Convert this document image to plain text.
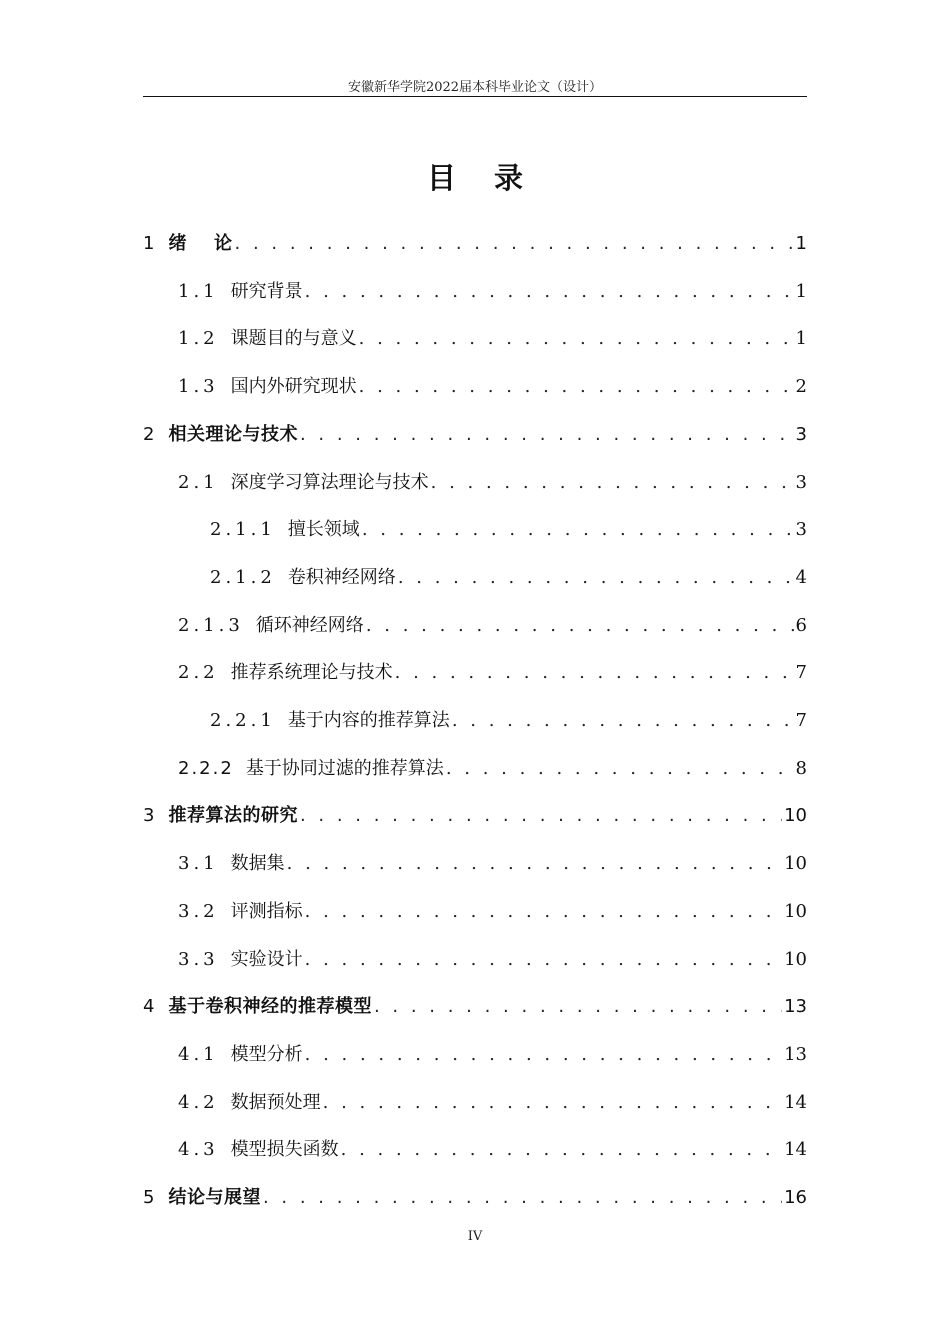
安徽新华学院2022届本科毕业论文（设计）
目录
1 绪    论 . . .	1
1.1 研究背景 . . .	1
1.2 课题目的与意义 . . .	1
1.3 国内外研究现状 . . .	2
2 相关理论与技术 . . .	3
2.1 深度学习算法理论与技术 . . .	3
2.1.1 擅长领域 . . .	3
2.1.2 卷积神经网络 . . .	4
2.1.3 循环神经网络 . . .	6
2.2 推荐系统理论与技术 . . .	7
2.2.1 基于内容的推荐算法 . . .	7
2.2.2 基于协同过滤的推荐算法 . . .	8
3 推荐算法的研究 . . .	10
3.1 数据集 . . .	10
3.2 评测指标 . . .	10
3.3 实验设计 . . .	10
4 基于卷积神经的推荐模型 . . .	13
4.1 模型分析 . . .	13
4.2 数据预处理 . . .	14
4.3 模型损失函数 . . .	14
5 结论与展望 . . .	16
IV
